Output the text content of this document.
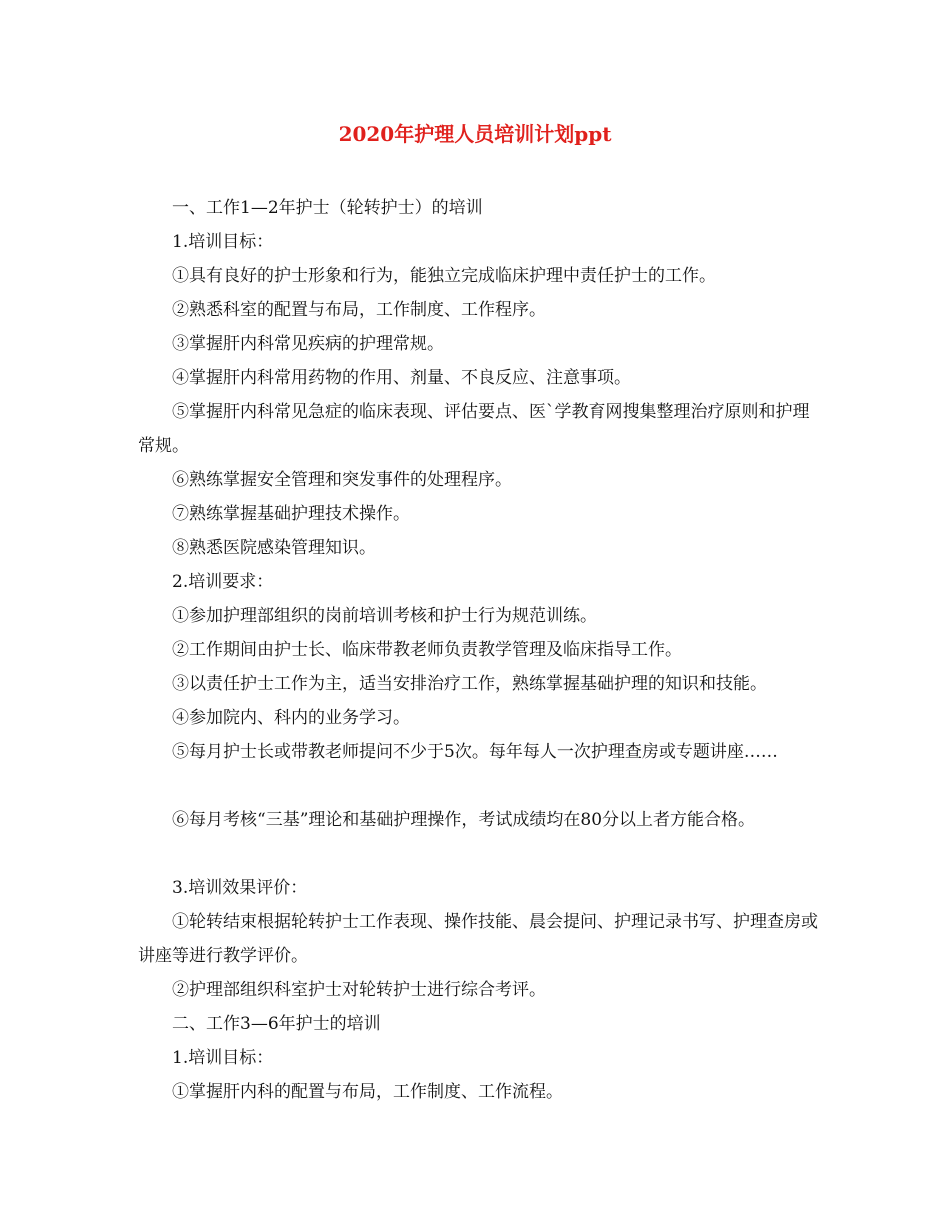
2020年护理人员培训计划ppt
一、工作1—2年护士（轮转护士）的培训
1.培训目标：
①具有良好的护士形象和行为，能独立完成临床护理中责任护士的工作。
②熟悉科室的配置与布局，工作制度、工作程序。
③掌握肝内科常见疾病的护理常规。
④掌握肝内科常用药物的作用、剂量、不良反应、注意事项。
⑤掌握肝内科常见急症的临床表现、评估要点、医`学教育网搜集整理治疗原则和护理常规。
⑥熟练掌握安全管理和突发事件的处理程序。
⑦熟练掌握基础护理技术操作。
⑧熟悉医院感染管理知识。
2.培训要求：
①参加护理部组织的岗前培训考核和护士行为规范训练。
②工作期间由护士长、临床带教老师负责教学管理及临床指导工作。
③以责任护士工作为主，适当安排治疗工作，熟练掌握基础护理的知识和技能。
④参加院内、科内的业务学习。
⑤每月护士长或带教老师提问不少于5次。每年每人一次护理查房或专题讲座……
⑥每月考核“三基”理论和基础护理操作，考试成绩均在80分以上者方能合格。
3.培训效果评价：
①轮转结束根据轮转护士工作表现、操作技能、晨会提问、护理记录书写、护理查房或讲座等进行教学评价。
②护理部组织科室护士对轮转护士进行综合考评。
二、工作3—6年护士的培训
1.培训目标：
①掌握肝内科的配置与布局，工作制度、工作流程。
